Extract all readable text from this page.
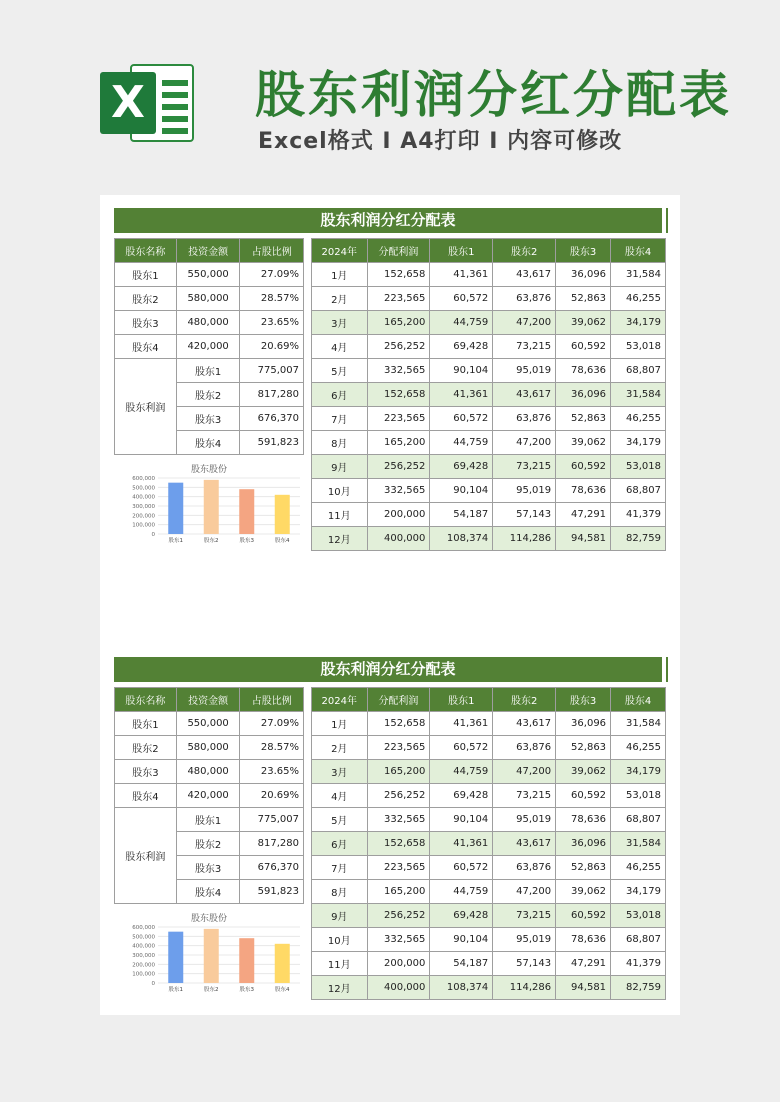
X 股东利润分红分配表
Excel格式 I A4打印 I 内容可修改
股东利润分红分配表
股东名称	投资金额	占股比例
股东1	550,000	27.09%
股东2	580,000	28.57%
股东3	480,000	23.65%
股东4	420,000	20.69%
股东利润	股东1	775,007
	股东2	817,280
	股东3	676,370
	股东4	591,823
股东股份
600,000
500,000
400,000
300,000
200,000
100,000
0
股东1	股东2	股东3	股东4
2024年	分配利润	股东1	股东2	股东3	股东4
1月	152,658	41,361	43,617	36,096	31,584
2月	223,565	60,572	63,876	52,863	46,255
3月	165,200	44,759	47,200	39,062	34,179
4月	256,252	69,428	73,215	60,592	53,018
5月	332,565	90,104	95,019	78,636	68,807
6月	152,658	41,361	43,617	36,096	31,584
7月	223,565	60,572	63,876	52,863	46,255
8月	165,200	44,759	47,200	39,062	34,179
9月	256,252	69,428	73,215	60,592	53,018
10月	332,565	90,104	95,019	78,636	68,807
11月	200,000	54,187	57,143	47,291	41,379
12月	400,000	108,374	114,286	94,581	82,759
股东利润分红分配表
股东名称	投资金额	占股比例
股东1	550,000	27.09%
股东2	580,000	28.57%
股东3	480,000	23.65%
股东4	420,000	20.69%
股东利润	股东1	775,007
	股东2	817,280
	股东3	676,370
	股东4	591,823
股东股份
600,000
500,000
400,000
300,000
200,000
100,000
0
股东1	股东2	股东3	股东4
2024年	分配利润	股东1	股东2	股东3	股东4
1月	152,658	41,361	43,617	36,096	31,584
2月	223,565	60,572	63,876	52,863	46,255
3月	165,200	44,759	47,200	39,062	34,179
4月	256,252	69,428	73,215	60,592	53,018
5月	332,565	90,104	95,019	78,636	68,807
6月	152,658	41,361	43,617	36,096	31,584
7月	223,565	60,572	63,876	52,863	46,255
8月	165,200	44,759	47,200	39,062	34,179
9月	256,252	69,428	73,215	60,592	53,018
10月	332,565	90,104	95,019	78,636	68,807
11月	200,000	54,187	57,143	47,291	41,379
12月	400,000	108,374	114,286	94,581	82,759
